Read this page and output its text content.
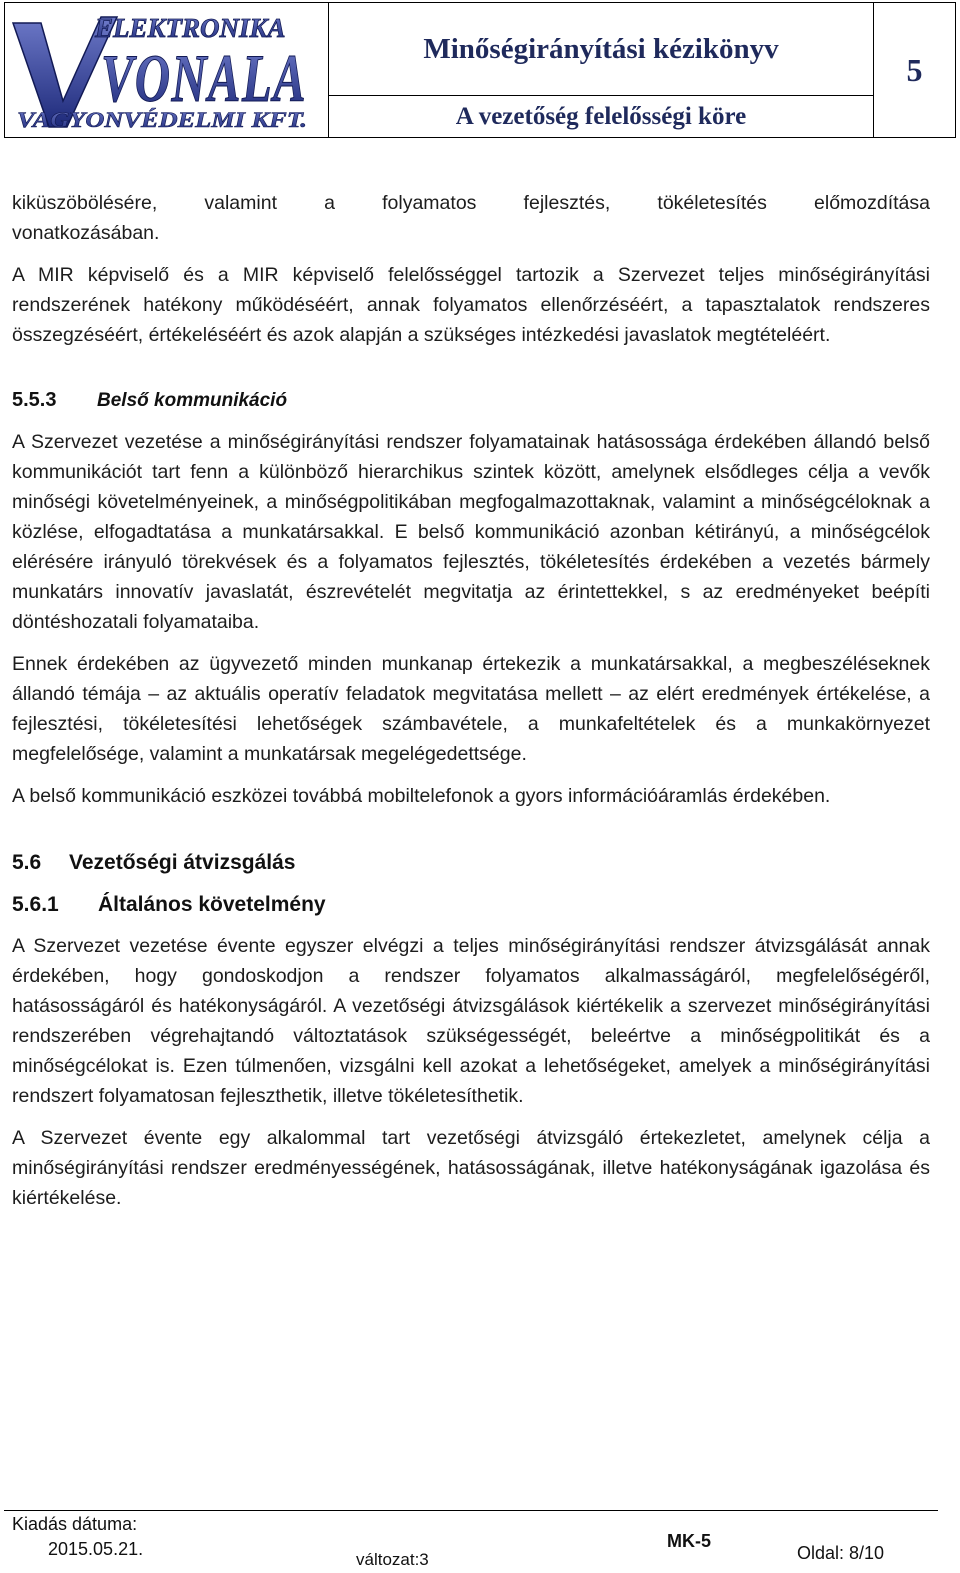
ELEKTRONIKA
VONALA
VAGYONVÉDELMI KFT.
Minőségirányítási kézikönyv
A vezetőség felelősségi köre
5
kiküszöbölésére, valamint a folyamatos fejlesztés, tökéletesítés előmozdítása
vonatkozásában.
A MIR képviselő és a MIR képviselő felelősséggel tartozik a Szervezet teljes minőségirányítási rendszerének hatékony működéséért, annak folyamatos ellenőrzéséért, a tapasztalatok rendszeres összegzéséért, értékeléséért és azok alapján a szükséges intézkedési javaslatok megtételéért.
5.5.3	Belső kommunikáció
A Szervezet vezetése a minőségirányítási rendszer folyamatainak hatásossága érdekében állandó belső kommunikációt tart fenn a különböző hierarchikus szintek között, amelynek elsődleges célja a vevők minőségi követelményeinek, a minőségpolitikában megfogalmazottaknak, valamint a minőségcéloknak a közlése, elfogadtatása a munkatársakkal. E belső kommunikáció azonban kétirányú, a minőségcélok elérésére irányuló törekvések és a folyamatos fejlesztés, tökéletesítés érdekében a vezetés bármely munkatárs innovatív javaslatát, észrevételét megvitatja az érintettekkel, s az eredményeket beépíti döntéshozatali folyamataiba.
Ennek érdekében az ügyvezető minden munkanap értekezik a munkatársakkal, a megbeszéléseknek állandó témája – az aktuális operatív feladatok megvitatása mellett – az elért eredmények értékelése, a fejlesztési, tökéletesítési lehetőségek számbavétele, a munkafeltételek és a munkakörnyezet megfelelősége, valamint a munkatársak megelégedettsége.
A belső kommunikáció eszközei továbbá mobiltelefonok a gyors információáramlás érdekében.
5.6	Vezetőségi átvizsgálás
5.6.1	Általános követelmény
A Szervezet vezetése évente egyszer elvégzi a teljes minőségirányítási rendszer átvizsgálását annak érdekében, hogy gondoskodjon a rendszer folyamatos alkalmasságáról, megfelelőségéről, hatásosságáról és hatékonyságáról. A vezetőségi átvizsgálások kiértékelik a szervezet minőségirányítási rendszerében végrehajtandó változtatások szükségességét, beleértve a minőségpolitikát és a minőségcélokat is. Ezen túlmenően, vizsgálni kell azokat a lehetőségeket, amelyek a minőségirányítási rendszert folyamatosan fejleszthetik, illetve tökéletesíthetik.
A Szervezet évente egy alkalommal tart vezetőségi átvizsgáló értekezletet, amelynek célja a minőségirányítási rendszer eredményességének, hatásosságának, illetve hatékonyságának igazolása és kiértékelése.
Kiadás dátuma:
2015.05.21.
változat:3
MK-5
Oldal: 8/10
